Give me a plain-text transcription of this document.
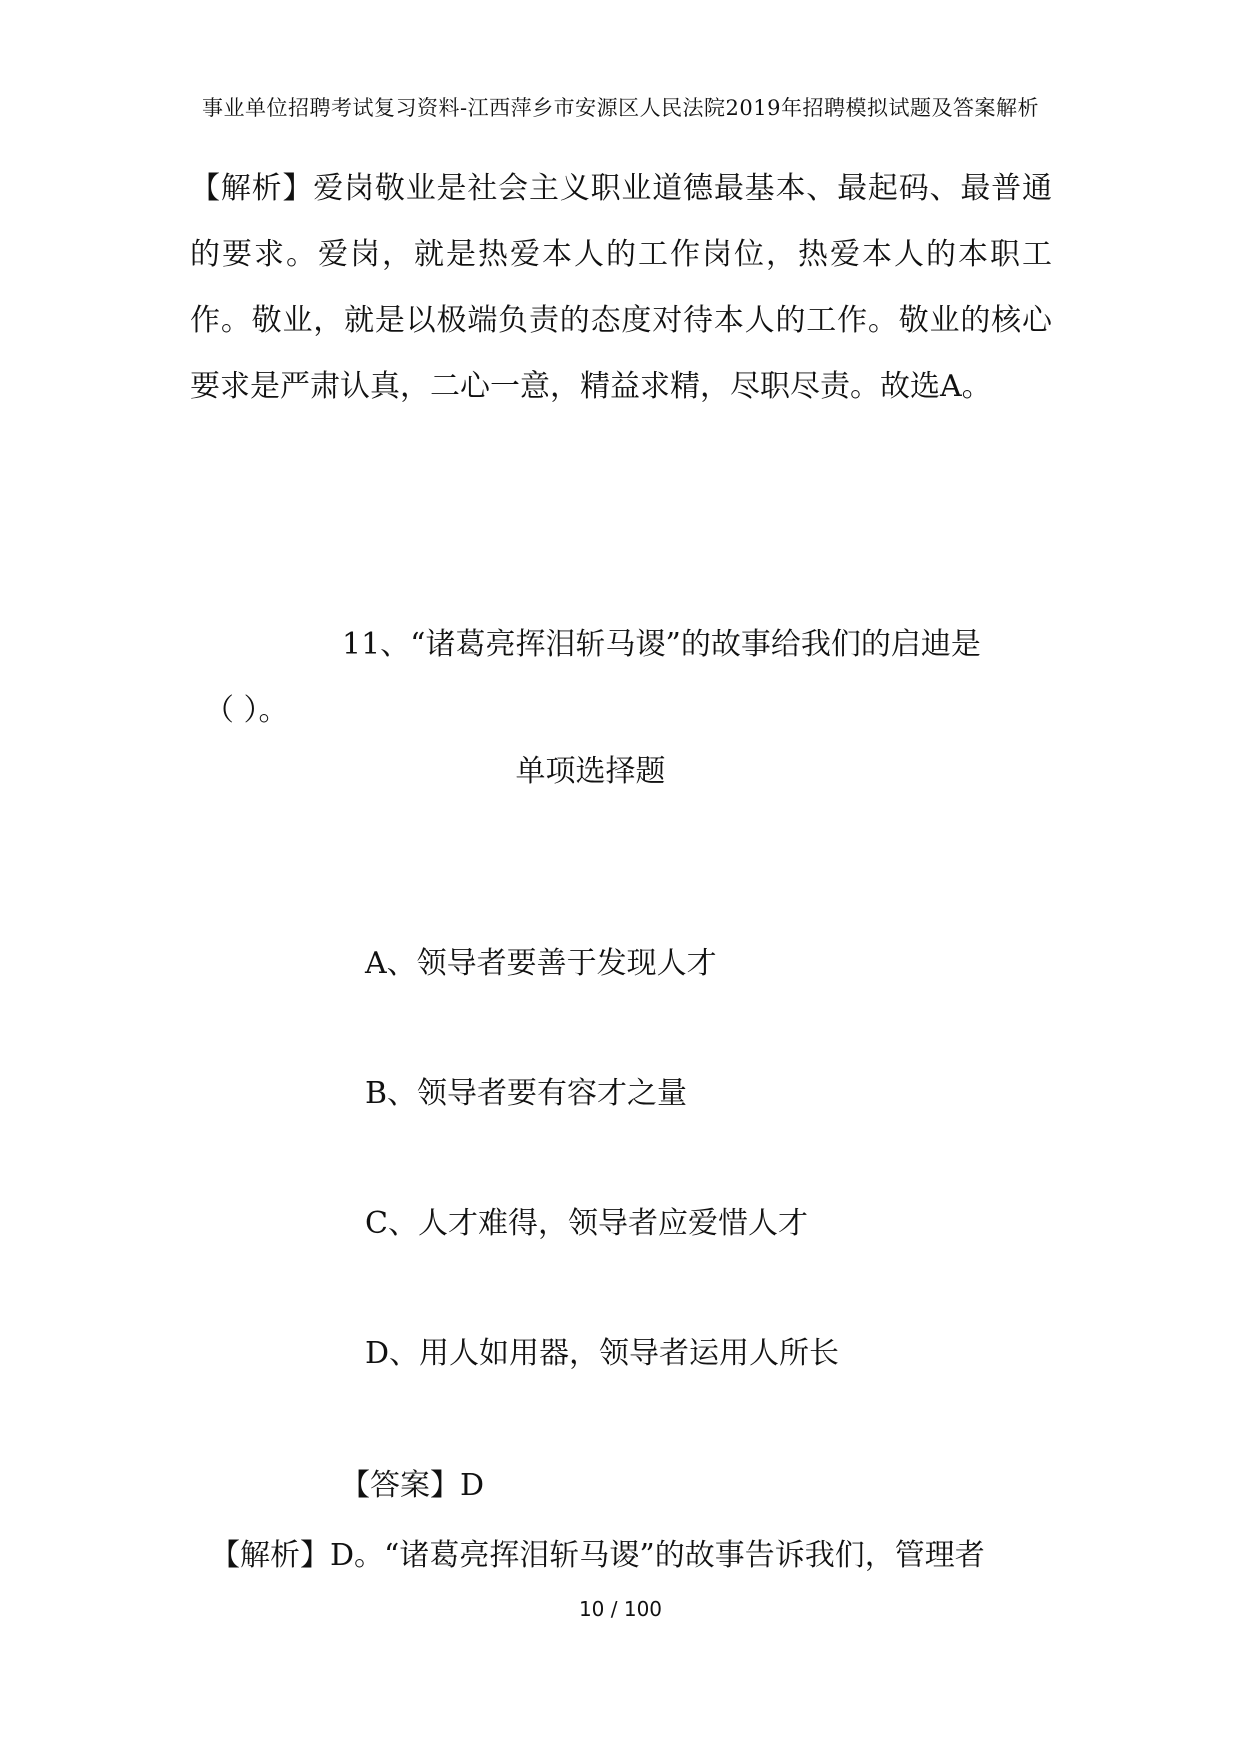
事业单位招聘考试复习资料-江西萍乡市安源区人民法院2019年招聘模拟试题及答案解析
【解析】爱岗敬业是社会主义职业道德最基本、最起码、最普通的要求。爱岗，就是热爱本人的工作岗位，热爱本人的本职工作。敬业，就是以极端负责的态度对待本人的工作。敬业的核心要求是严肃认真，二心一意，精益求精，尽职尽责。故选A。
11、“诸葛亮挥泪斩马谡”的故事给我们的启迪是
（ ）。
单项选择题
A、领导者要善于发现人才
B、领导者要有容才之量
C、人才难得，领导者应爱惜人才
D、用人如用器，领导者运用人所长
【答案】D
【解析】D。“诸葛亮挥泪斩马谡”的故事告诉我们，管理者
10 / 100
